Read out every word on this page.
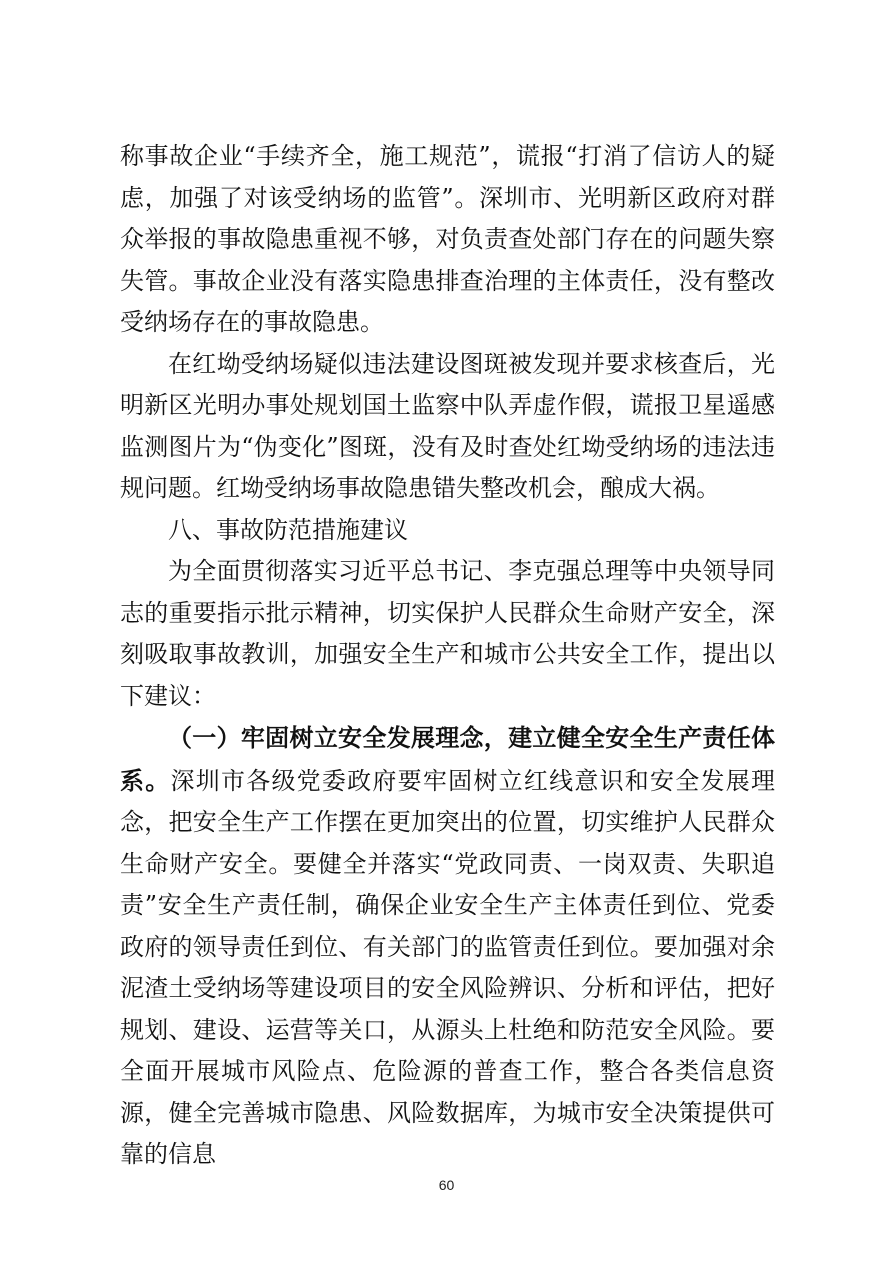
称事故企业“手续齐全，施工规范”，谎报“打消了信访人的疑虑，加强了对该受纳场的监管”。深圳市、光明新区政府对群众举报的事故隐患重视不够，对负责查处部门存在的问题失察失管。事故企业没有落实隐患排查治理的主体责任，没有整改受纳场存在的事故隐患。

在红坳受纳场疑似违法建设图斑被发现并要求核查后，光明新区光明办事处规划国土监察中队弄虚作假，谎报卫星遥感监测图片为“伪变化”图斑，没有及时查处红坳受纳场的违法违规问题。红坳受纳场事故隐患错失整改机会，酿成大祸。

八、事故防范措施建议

为全面贯彻落实习近平总书记、李克强总理等中央领导同志的重要指示批示精神，切实保护人民群众生命财产安全，深刻吸取事故教训，加强安全生产和城市公共安全工作，提出以下建议：

（一）牢固树立安全发展理念，建立健全安全生产责任体系。深圳市各级党委政府要牢固树立红线意识和安全发展理念，把安全生产工作摆在更加突出的位置，切实维护人民群众生命财产安全。要健全并落实“党政同责、一岗双责、失职追责”安全生产责任制，确保企业安全生产主体责任到位、党委政府的领导责任到位、有关部门的监管责任到位。要加强对余泥渣土受纳场等建设项目的安全风险辨识、分析和评估，把好规划、建设、运营等关口，从源头上杜绝和防范安全风险。要全面开展城市风险点、危险源的普查工作，整合各类信息资源，健全完善城市隐患、风险数据库，为城市安全决策提供可靠的信息

60
